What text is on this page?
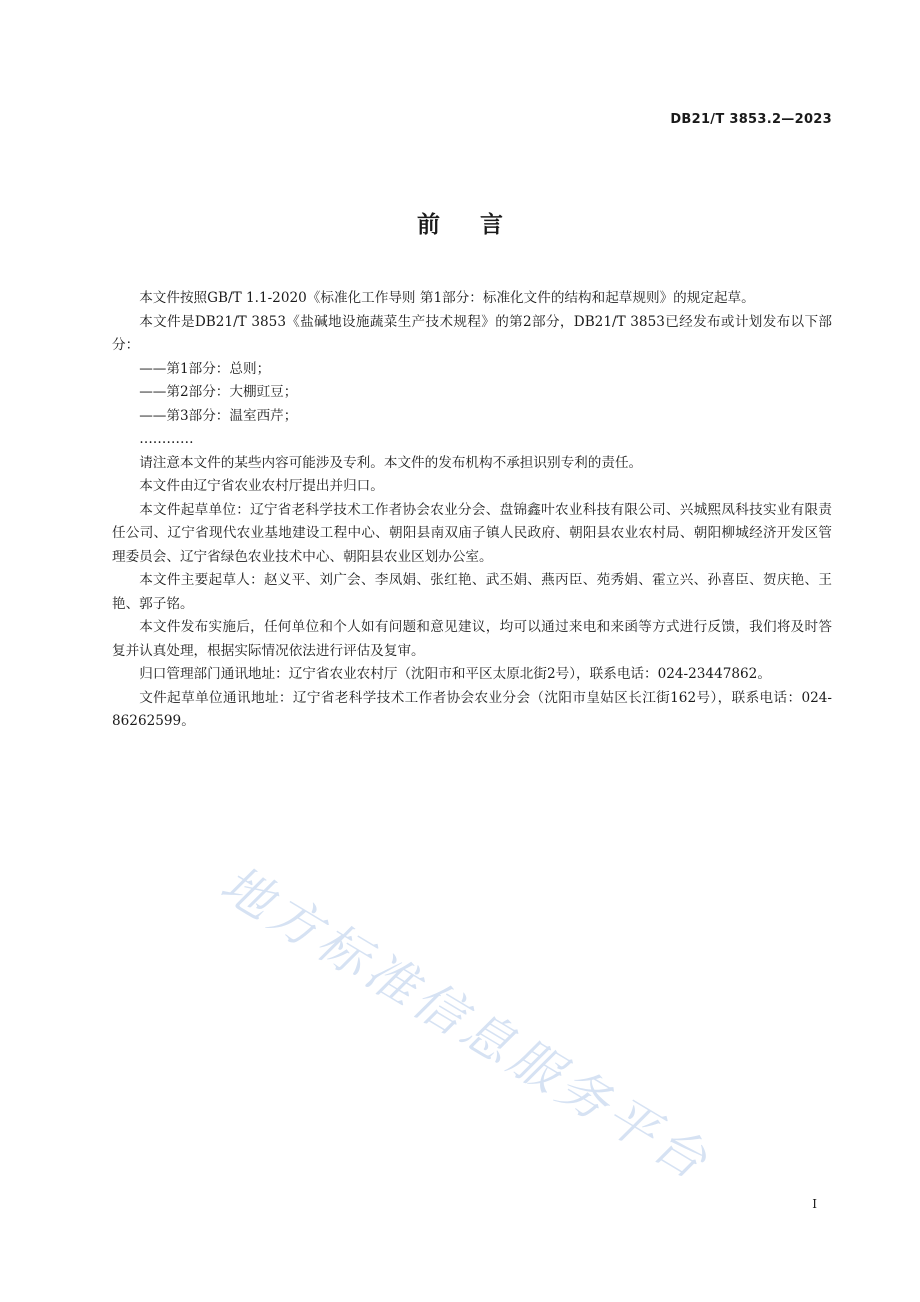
DB21/T 3853.2—2023
前言

本文件按照GB/T 1.1-2020《标准化工作导则 第1部分：标准化文件的结构和起草规则》的规定起草。

本文件是DB21/T 3853《盐碱地设施蔬菜生产技术规程》的第2部分，DB21/T 3853已经发布或计划发布以下部分：

——第1部分：总则；

——第2部分：大棚豇豆；

——第3部分：温室西芹；

…………

请注意本文件的某些内容可能涉及专利。本文件的发布机构不承担识别专利的责任。

本文件由辽宁省农业农村厅提出并归口。

本文件起草单位：辽宁省老科学技术工作者协会农业分会、盘锦鑫叶农业科技有限公司、兴城熙凤科技实业有限责任公司、辽宁省现代农业基地建设工程中心、朝阳县南双庙子镇人民政府、朝阳县农业农村局、朝阳柳城经济开发区管理委员会、辽宁省绿色农业技术中心、朝阳县农业区划办公室。

本文件主要起草人：赵义平、刘广会、李凤娟、张红艳、武丕娟、燕丙臣、苑秀娟、霍立兴、孙喜臣、贺庆艳、王艳、郭子铭。

本文件发布实施后，任何单位和个人如有问题和意见建议，均可以通过来电和来函等方式进行反馈，我们将及时答复并认真处理，根据实际情况依法进行评估及复审。

归口管理部门通讯地址：辽宁省农业农村厅（沈阳市和平区太原北街2号），联系电话：024-23447862。

文件起草单位通讯地址：辽宁省老科学技术工作者协会农业分会（沈阳市皇姑区长江街162号），联系电话：024-86262599。

地方标准信息服务平台
I
